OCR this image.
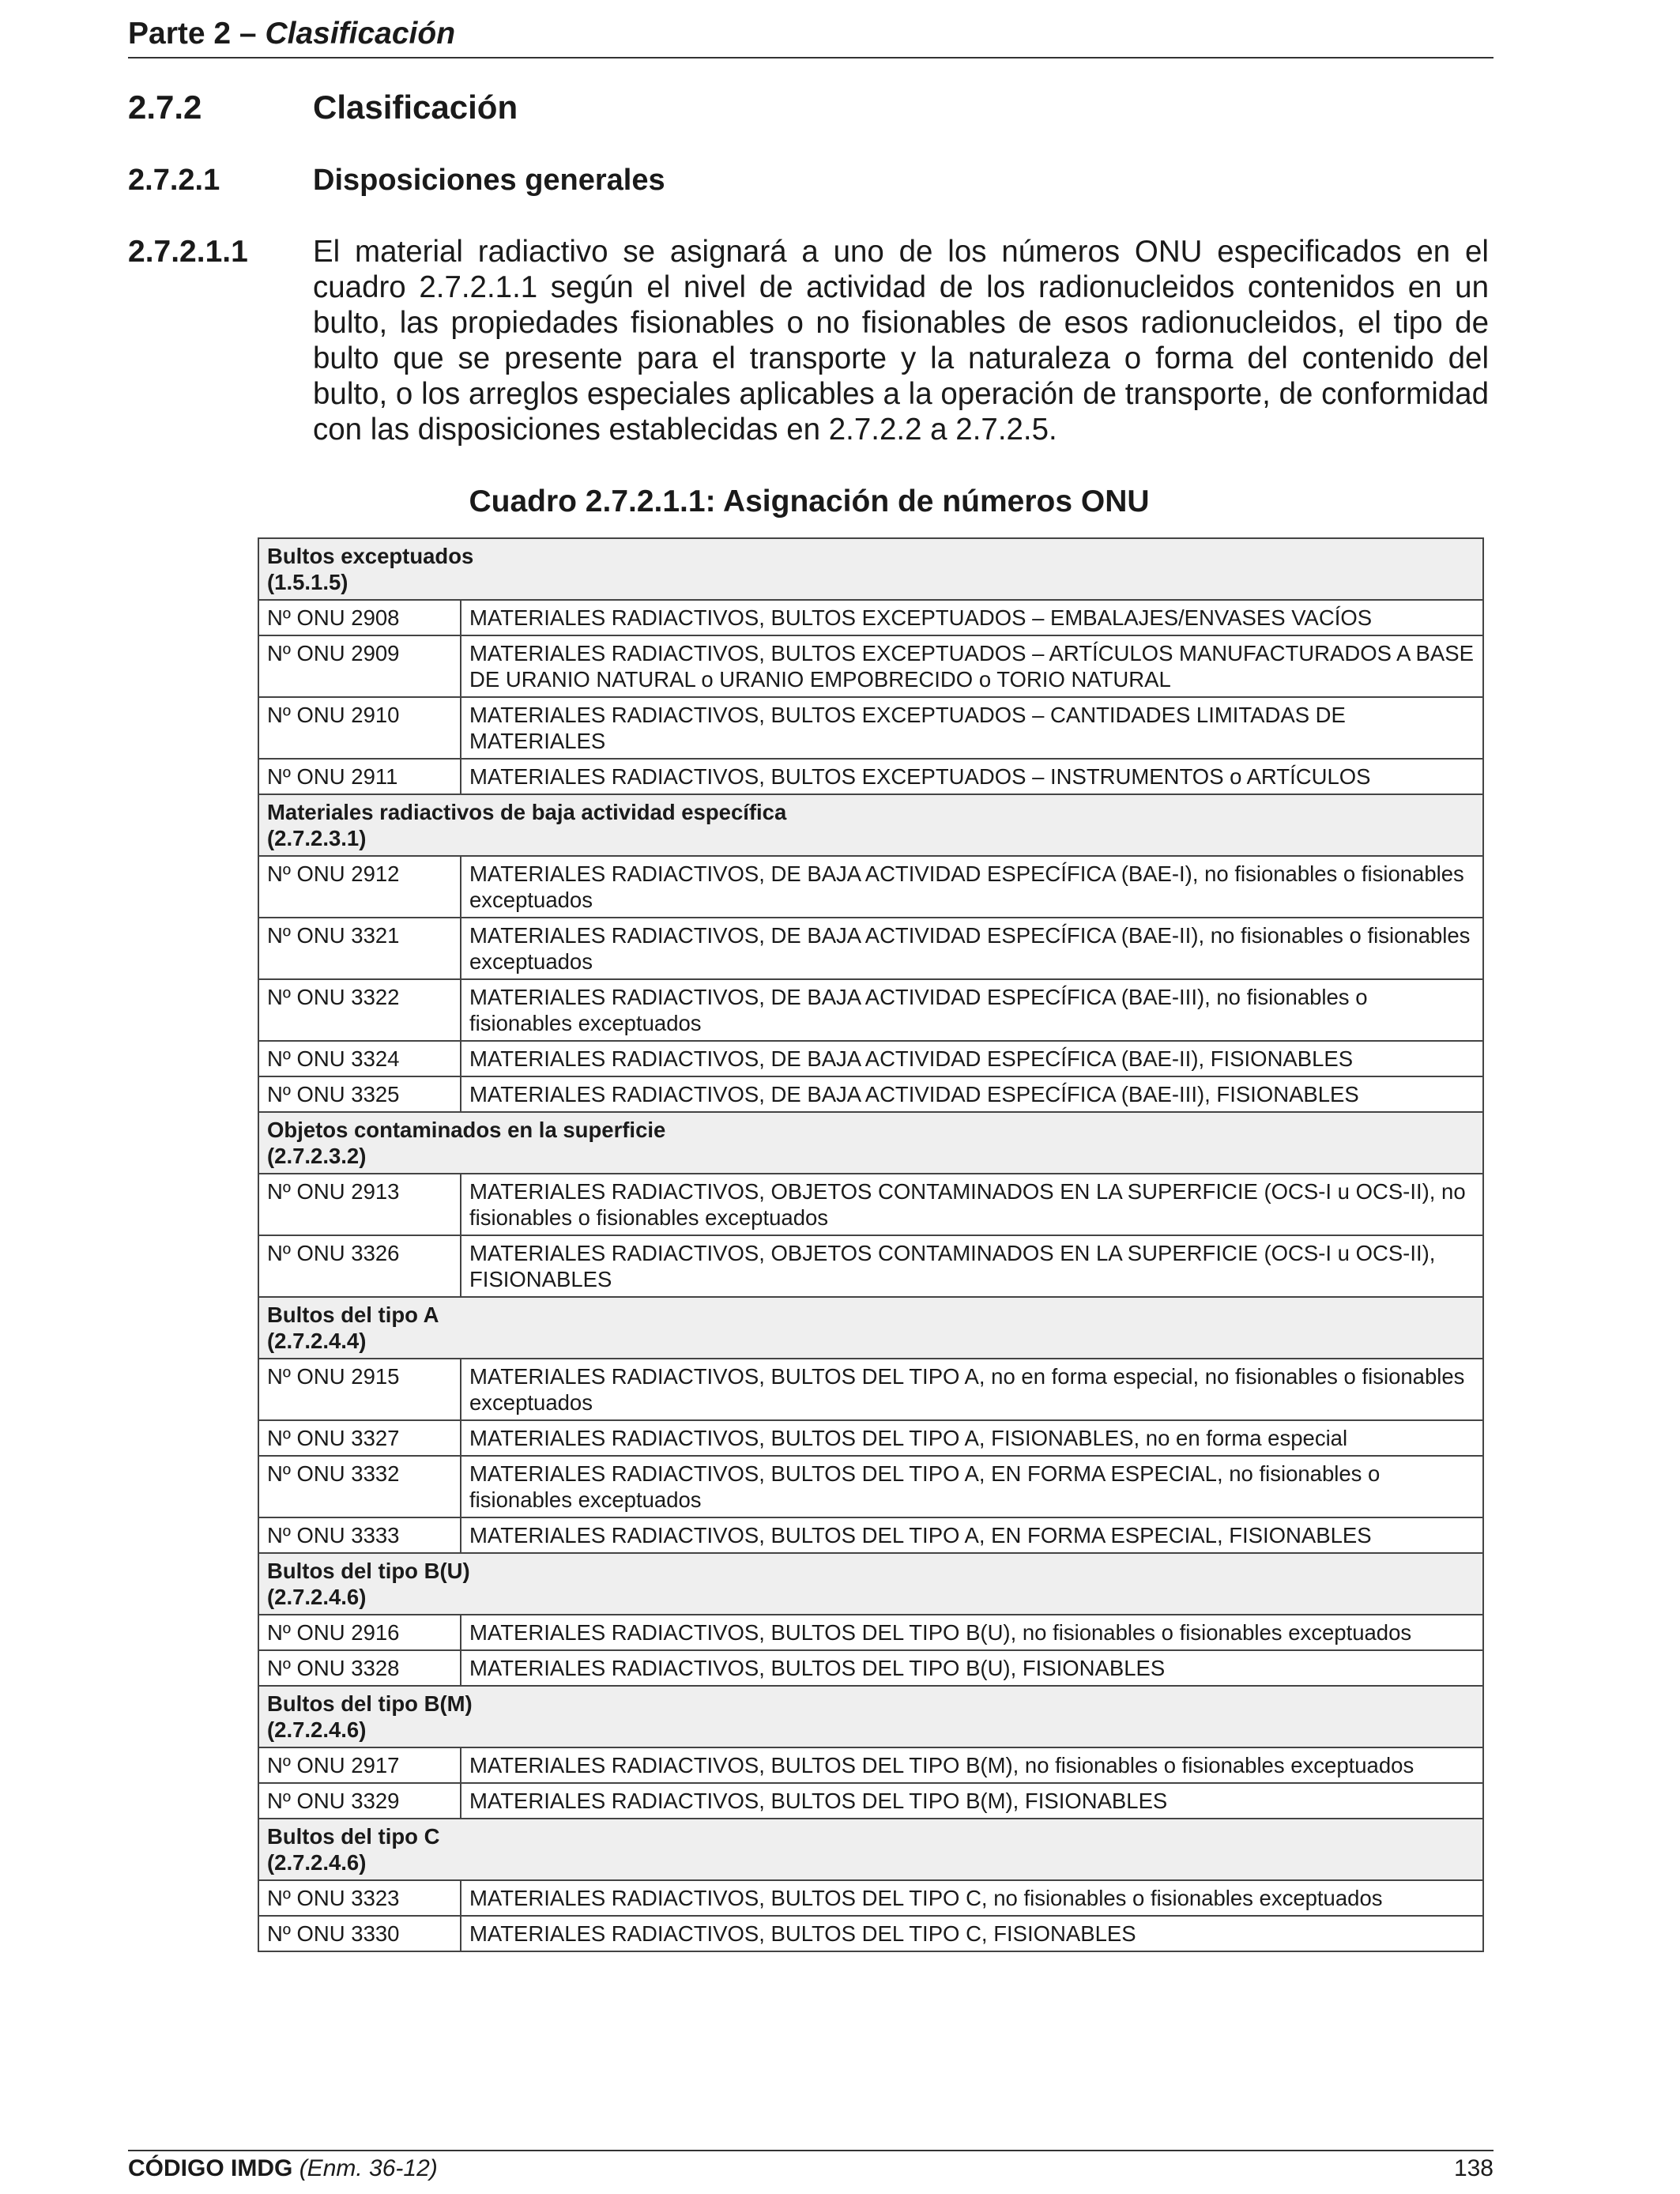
Parte 2 – Clasificación
2.7.2	Clasificación
2.7.2.1	Disposiciones generales
2.7.2.1.1 El material radiactivo se asignará a uno de los números ONU especificados en el cuadro 2.7.2.1.1 según el nivel de actividad de los radionucleidos contenidos en un bulto, las propiedades fisionables o no fisionables de esos radionucleidos, el tipo de bulto que se presente para el transporte y la naturaleza o forma del contenido del bulto, o los arreglos especiales aplicables a la operación de transporte, de conformidad con las disposiciones establecidas en 2.7.2.2 a 2.7.2.5.

Cuadro 2.7.2.1.1: Asignación de números ONU
Bultos exceptuados
(1.5.1.5)	

Nº ONU 2908	MATERIALES RADIACTIVOS, BULTOS EXCEPTUADOS – EMBALAJES/ENVASES VACÍOS
Nº ONU 2909	MATERIALES RADIACTIVOS, BULTOS EXCEPTUADOS – ARTÍCULOS MANUFACTURADOS A BASE DE URANIO NATURAL o URANIO EMPOBRECIDO o TORIO NATURAL
Nº ONU 2910	MATERIALES RADIACTIVOS, BULTOS EXCEPTUADOS – CANTIDADES LIMITADAS DE MATERIALES
Nº ONU 2911	MATERIALES RADIACTIVOS, BULTOS EXCEPTUADOS – INSTRUMENTOS o ARTÍCULOS

Materiales radiactivos de baja actividad específica
(2.7.2.3.1)	

Nº ONU 2912	MATERIALES RADIACTIVOS, DE BAJA ACTIVIDAD ESPECÍFICA (BAE-I), no fisionables o fisionables exceptuados
Nº ONU 3321	MATERIALES RADIACTIVOS, DE BAJA ACTIVIDAD ESPECÍFICA (BAE-II), no fisionables o fisionables exceptuados
Nº ONU 3322	MATERIALES RADIACTIVOS, DE BAJA ACTIVIDAD ESPECÍFICA (BAE-III), no fisionables o fisionables exceptuados
Nº ONU 3324	MATERIALES RADIACTIVOS, DE BAJA ACTIVIDAD ESPECÍFICA (BAE-II), FISIONABLES
Nº ONU 3325	MATERIALES RADIACTIVOS, DE BAJA ACTIVIDAD ESPECÍFICA (BAE-III), FISIONABLES

Objetos contaminados en la superficie
(2.7.2.3.2)	

Nº ONU 2913	MATERIALES RADIACTIVOS, OBJETOS CONTAMINADOS EN LA SUPERFICIE (OCS-I u OCS-II), no fisionables o fisionables exceptuados
Nº ONU 3326	MATERIALES RADIACTIVOS, OBJETOS CONTAMINADOS EN LA SUPERFICIE (OCS-I u OCS-II), FISIONABLES

Bultos del tipo A
(2.7.2.4.4)	

Nº ONU 2915	MATERIALES RADIACTIVOS, BULTOS DEL TIPO A, no en forma especial, no fisionables o fisionables exceptuados
Nº ONU 3327	MATERIALES RADIACTIVOS, BULTOS DEL TIPO A, FISIONABLES, no en forma especial
Nº ONU 3332	MATERIALES RADIACTIVOS, BULTOS DEL TIPO A, EN FORMA ESPECIAL, no fisionables o fisionables exceptuados
Nº ONU 3333	MATERIALES RADIACTIVOS, BULTOS DEL TIPO A, EN FORMA ESPECIAL, FISIONABLES

Bultos del tipo B(U)
(2.7.2.4.6)	

Nº ONU 2916	MATERIALES RADIACTIVOS, BULTOS DEL TIPO B(U), no fisionables o fisionables exceptuados
Nº ONU 3328	MATERIALES RADIACTIVOS, BULTOS DEL TIPO B(U), FISIONABLES

Bultos del tipo B(M)
(2.7.2.4.6)	

Nº ONU 2917	MATERIALES RADIACTIVOS, BULTOS DEL TIPO B(M), no fisionables o fisionables exceptuados
Nº ONU 3329	MATERIALES RADIACTIVOS, BULTOS DEL TIPO B(M), FISIONABLES

Bultos del tipo C
(2.7.2.4.6)	

Nº ONU 3323	MATERIALES RADIACTIVOS, BULTOS DEL TIPO C, no fisionables o fisionables exceptuados
Nº ONU 3330	MATERIALES RADIACTIVOS, BULTOS DEL TIPO C, FISIONABLES
CÓDIGO IMDG (Enm. 36-12)	138
